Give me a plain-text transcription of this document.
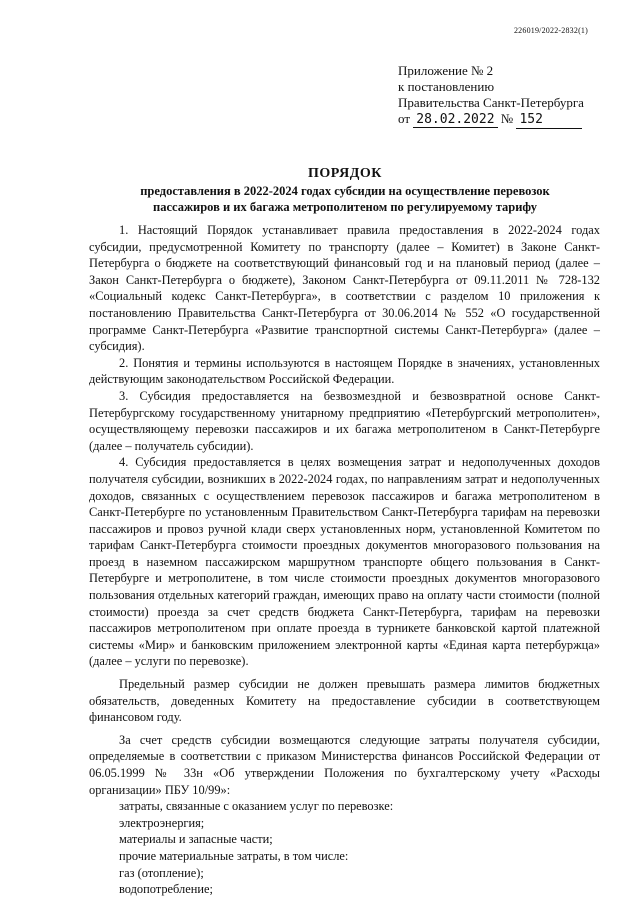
226019/2022-2832(1)
Приложение № 2
к постановлению
Правительства Санкт-Петербурга
от 28.02.2022 № 152
ПОРЯДОК
предоставления в 2022-2024 годах субсидии на осуществление перевозок
пассажиров и их багажа метрополитеном по регулируемому тарифу

1. Настоящий Порядок устанавливает правила предоставления в 2022-2024 годах субсидии, предусмотренной Комитету по транспорту (далее – Комитет) в Законе Санкт-Петербурга о бюджете на соответствующий финансовый год и на плановый период (далее – Закон Санкт-Петербурга о бюджете), Законом Санкт-Петербурга от 09.11.2011 № 728-132 «Социальный кодекс Санкт-Петербурга», в соответствии с разделом 10 приложения к постановлению Правительства Санкт-Петербурга от 30.06.2014 № 552 «О государственной программе Санкт-Петербурга «Развитие транспортной системы Санкт-Петербурга» (далее – субсидия).

2. Понятия и термины используются в настоящем Порядке в значениях, установленных действующим законодательством Российской Федерации.

3. Субсидия предоставляется на безвозмездной и безвозвратной основе Санкт-Петербургскому государственному унитарному предприятию «Петербургский метрополитен», осуществляющему перевозки пассажиров и их багажа метрополитеном в Санкт-Петербурге (далее – получатель субсидии).

4. Субсидия предоставляется в целях возмещения затрат и недополученных доходов получателя субсидии, возникших в 2022-2024 годах, по направлениям затрат и недополученных доходов, связанных с осуществлением перевозок пассажиров и багажа метрополитеном в Санкт-Петербурге по установленным Правительством Санкт-Петербурга тарифам на перевозки пассажиров и провоз ручной клади сверх установленных норм, установленной Комитетом по тарифам Санкт-Петербурга стоимости проездных документов многоразового пользования на проезд в наземном пассажирском маршрутном транспорте общего пользования в Санкт-Петербурге и метрополитене, в том числе стоимости проездных документов многоразового пользования отдельных категорий граждан, имеющих право на оплату части стоимости (полной стоимости) проезда за счет средств бюджета Санкт-Петербурга, тарифам на перевозки пассажиров метрополитеном при оплате проезда в турникете банковской картой платежной системы «Мир» и банковским приложением электронной карты «Единая карта петербуржца» (далее – услуги по перевозке).

Предельный размер субсидии не должен превышать размера лимитов бюджетных обязательств, доведенных Комитету на предоставление субсидии в соответствующем финансовом году.

За счет средств субсидии возмещаются следующие затраты получателя субсидии, определяемые в соответствии с приказом Министерства финансов Российской Федерации от 06.05.1999 № 33н «Об утверждении Положения по бухгалтерскому учету «Расходы организации» ПБУ 10/99»:

затраты, связанные с оказанием услуг по перевозке:

электроэнергия;

материалы и запасные части;

прочие материальные затраты, в том числе:

газ (отопление);

водопотребление;
